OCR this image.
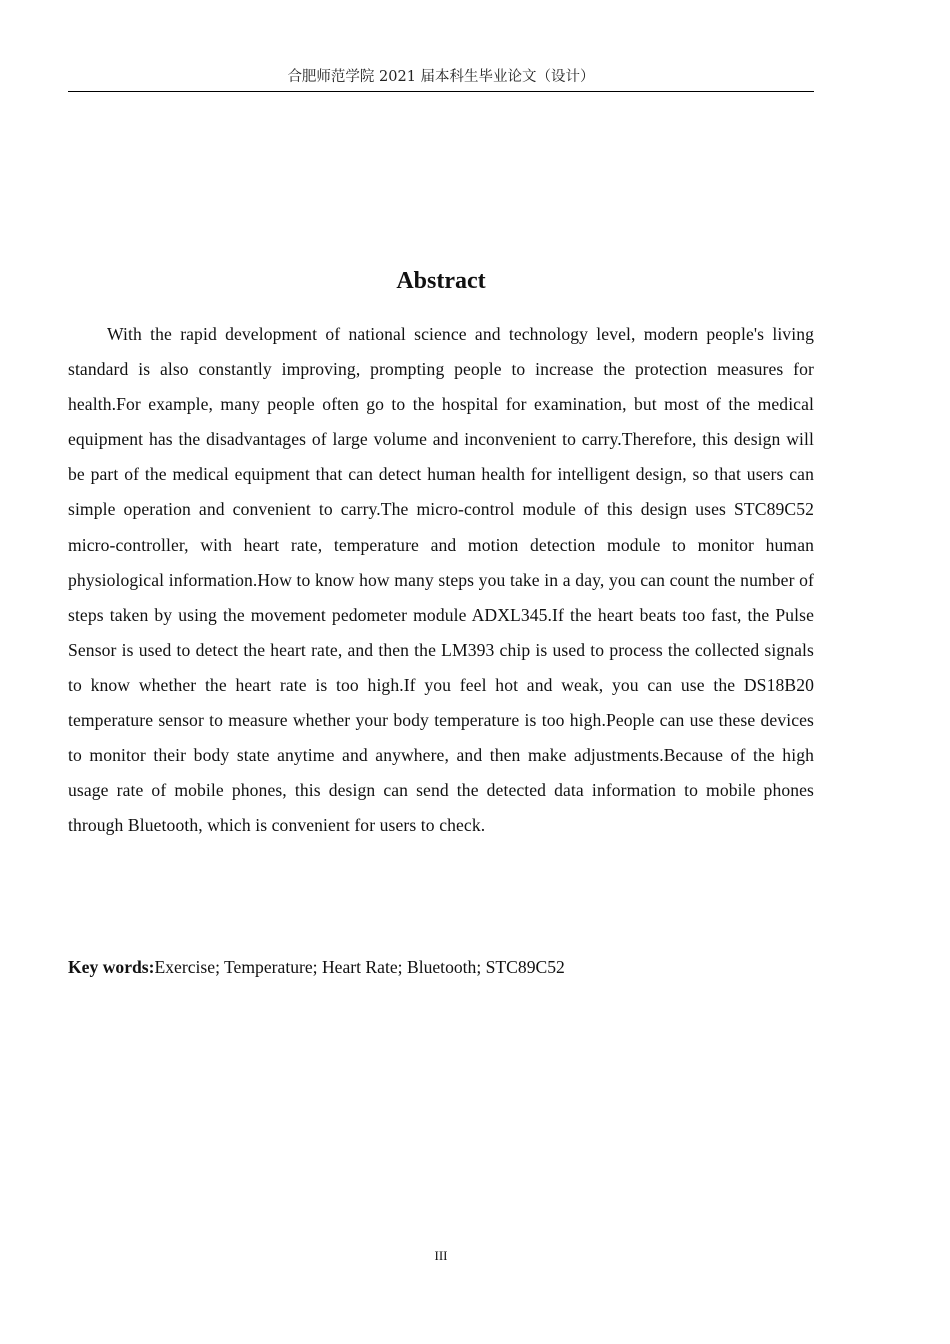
合肥师范学院 2021 届本科生毕业论文（设计）
Abstract

With the rapid development of national science and technology level, modern people's living standard is also constantly improving, prompting people to increase the protection measures for health.For example, many people often go to the hospital for examination, but most of the medical equipment has the disadvantages of large volume and inconvenient to carry.Therefore, this design will be part of the medical equipment that can detect human health for intelligent design, so that users can simple operation and convenient to carry.The micro-control module of this design uses STC89C52 micro-controller, with heart rate, temperature and motion detection module to monitor human physiological information.How to know how many steps you take in a day, you can count the number of steps taken by using the movement pedometer module ADXL345.If the heart beats too fast, the Pulse Sensor is used to detect the heart rate, and then the LM393 chip is used to process the collected signals to know whether the heart rate is too high.If you feel hot and weak, you can use the DS18B20 temperature sensor to measure whether your body temperature is too high.People can use these devices to monitor their body state anytime and anywhere, and then make adjustments.Because of the high usage rate of mobile phones, this design can send the detected data information to mobile phones through Bluetooth, which is convenient for users to check.

Key words:Exercise; Temperature; Heart Rate; Bluetooth; STC89C52

III
